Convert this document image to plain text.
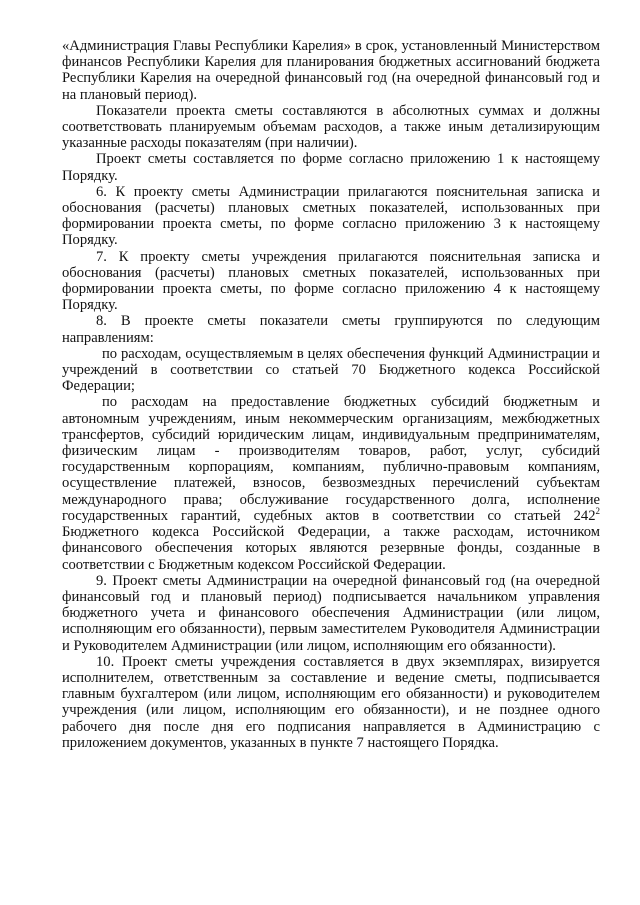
«Администрация Главы Республики Карелия» в срок, установленный Министерством финансов Республики Карелия для планирования бюджетных ассигнований бюджета Республики Карелия на очередной финансовый год (на очередной финансовый год и на плановый период).

Показатели проекта сметы составляются в абсолютных суммах и должны соответствовать планируемым объемам расходов, а также иным детализирующим указанные расходы показателям (при наличии).

Проект сметы составляется по форме согласно приложению 1 к настоящему Порядку.

6. К проекту сметы Администрации прилагаются пояснительная записка и обоснования (расчеты) плановых сметных показателей, использованных при формировании проекта сметы, по форме согласно приложению 3 к настоящему Порядку.

7. К проекту сметы учреждения прилагаются пояснительная записка и обоснования (расчеты) плановых сметных показателей, использованных при формировании проекта сметы, по форме согласно приложению 4 к настоящему Порядку.

8. В проекте сметы показатели сметы группируются по следующим направлениям:

по расходам, осуществляемым в целях обеспечения функций Администрации и учреждений в соответствии со статьей 70 Бюджетного кодекса Российской Федерации;

по расходам на предоставление бюджетных субсидий бюджетным и автономным учреждениям, иным некоммерческим организациям, межбюджетных трансфертов, субсидий юридическим лицам, индивидуальным предпринимателям, физическим лицам - производителям товаров, работ, услуг, субсидий государственным корпорациям, компаниям, публично-правовым компаниям, осуществление платежей, взносов, безвозмездных перечислений субъектам международного права; обслуживание государственного долга, исполнение государственных гарантий, судебных актов в соответствии со статьей $242^2$ Бюджетного кодекса Российской Федерации, а также расходам, источником финансового обеспечения которых являются резервные фонды, созданные в соответствии с Бюджетным кодексом Российской Федерации.

9. Проект сметы Администрации на очередной финансовый год (на очередной финансовый год и плановый период) подписывается начальником управления бюджетного учета и финансового обеспечения Администрации (или лицом, исполняющим его обязанности), первым заместителем Руководителя Администрации и Руководителем Администрации (или лицом, исполняющим его обязанности).

10. Проект сметы учреждения составляется в двух экземплярах, визируется исполнителем, ответственным за составление и ведение сметы, подписывается главным бухгалтером (или лицом, исполняющим его обязанности) и руководителем учреждения (или лицом, исполняющим его обязанности), и не позднее одного рабочего дня после дня его подписания направляется в Администрацию с приложением документов, указанных в пункте 7 настоящего Порядка.
